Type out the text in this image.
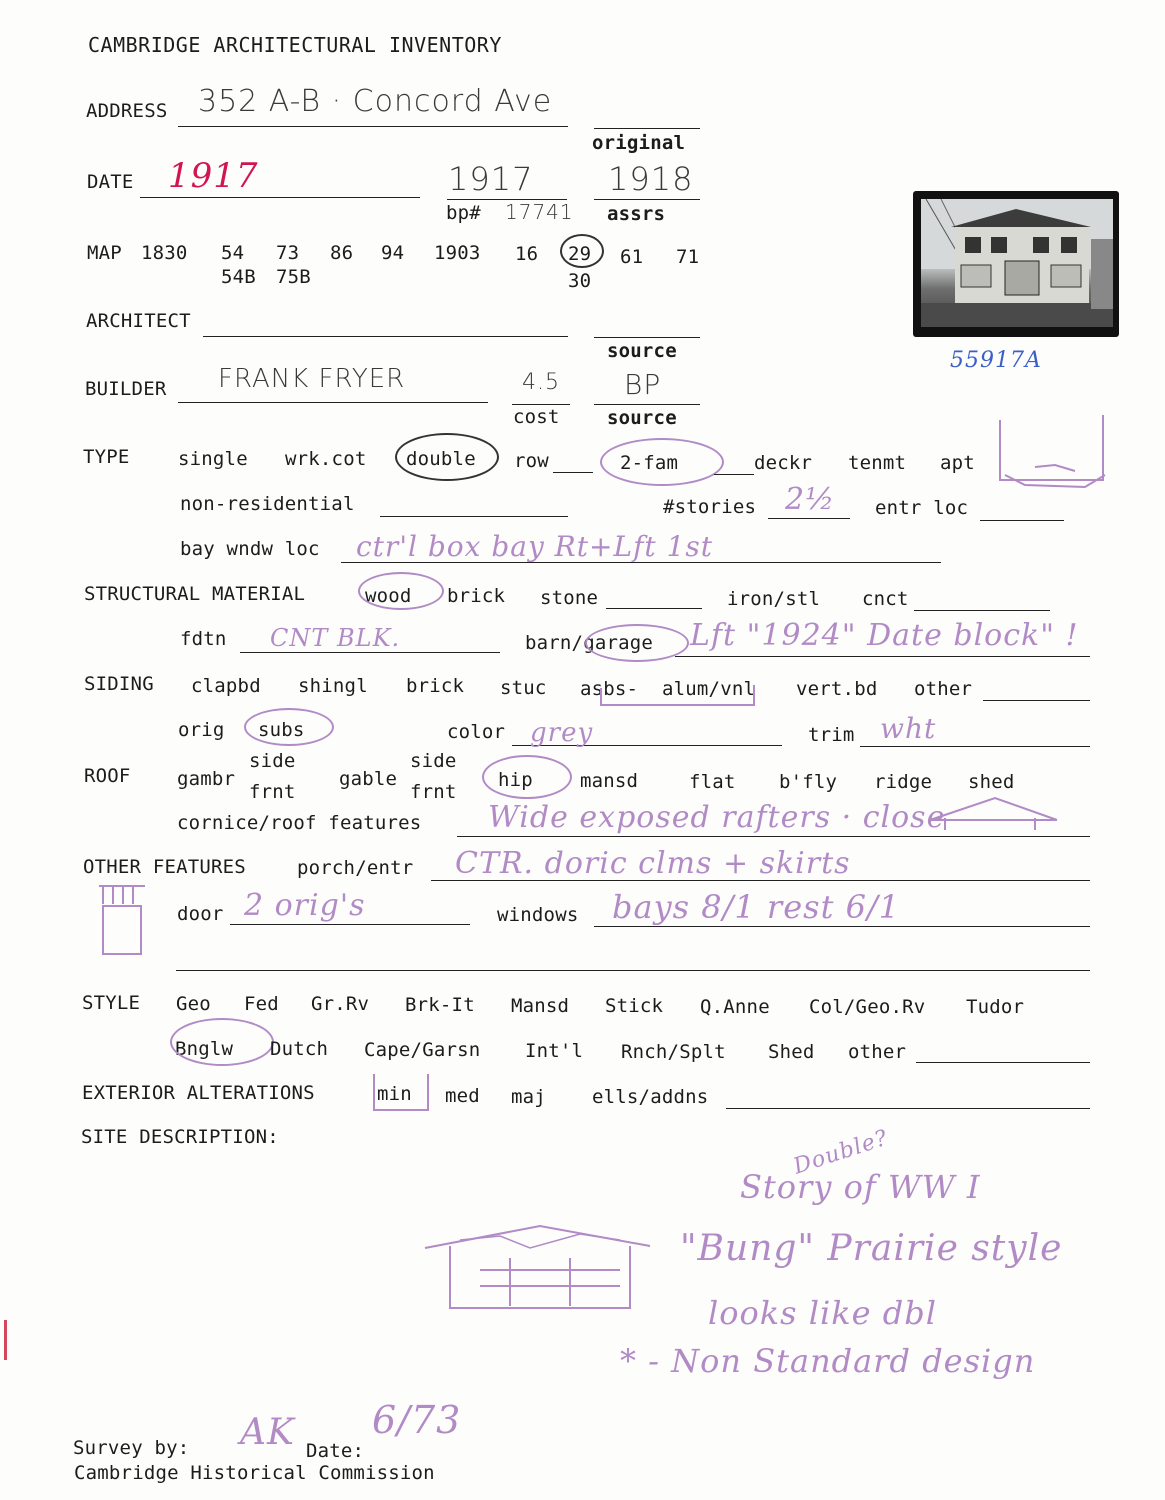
CAMBRIDGE ARCHITECTURAL INVENTORY
ADDRESS 352 A-B · Concord Ave
original
DATE 1917	1917
bp# 17741
1918
assrs
55917A
MAP 1830 54 73 86 94 1903 16 29 61 71
54B 75B	30
ARCHITECT
source
BUILDER FRANK FRYER	4.5
cost
BP
source
TYPE	single wrk.cot double row	2-fam	deckr tenmt apt
non-residential	#stories 2½ entr loc
bay wndw loc ctr'l box bay Rt+Lft 1st
STRUCTURAL MATERIAL	wood brick stone	iron/stl cnct
fdtn CNT BLK.	barn/garage Lft "1924" Date block" !
SIDING clapbd shingl brick stuc asbs- alum/vnl vert.bd other
orig subs	color grey	trim wht
ROOF gambr
side
frnt
gable
side
frnt
hip mansd	flat b'fly ridge shed
cornice/roof features Wide exposed rafters · close
OTHER FEATURES	porch/entr CTR. doric clms + skirts
door 2 orig's	windows bays 8/1 rest 6/1
STYLE Geo Fed Gr.Rv Brk-It Mansd Stick Q.Anne Col/Geo.Rv Tudor
Bnglw Dutch Cape/Garsn Int'l Rnch/Splt Shed other
EXTERIOR ALTERATIONS	min med maj ells/addns
SITE DESCRIPTION:	Double?
Story of WW I
"Bung" Prairie style
looks like dbl
* - Non Standard design
Survey by: AK Date:
6/73
Cambridge Historical Commission
